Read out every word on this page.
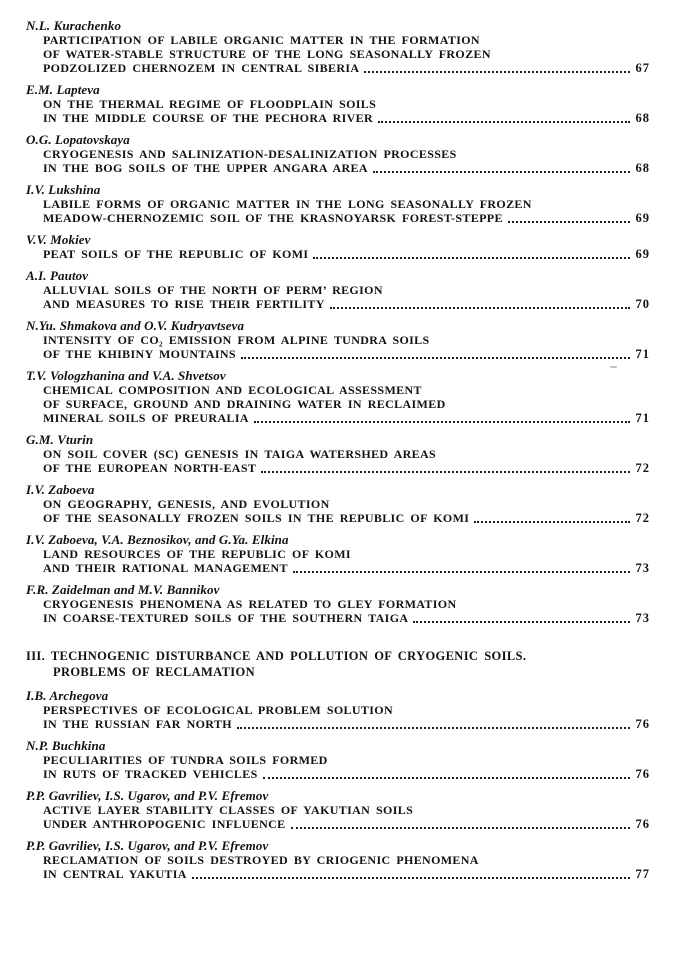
N.L. Kurachenko
PARTICIPATION OF LABILE ORGANIC MATTER IN THE FORMATION
OF WATER-STABLE STRUCTURE OF THE LONG SEASONALLY FROZEN
PODZOLIZED CHERNOZEM IN CENTRAL SIBERIA	67
E.M. Lapteva
ON THE THERMAL REGIME OF FLOODPLAIN SOILS
IN THE MIDDLE COURSE OF THE PECHORA RIVER	68
O.G. Lopatovskaya
CRYOGENESIS AND SALINIZATION-DESALINIZATION PROCESSES
IN THE BOG SOILS OF THE UPPER ANGARA AREA	68
I.V. Lukshina
LABILE FORMS OF ORGANIC MATTER IN THE LONG SEASONALLY FROZEN
MEADOW-CHERNOZEMIC SOIL OF THE KRASNOYARSK FOREST-STEPPE	69
V.V. Mokiev
PEAT SOILS OF THE REPUBLIC OF KOMI	69
A.I. Pautov
ALLUVIAL SOILS OF THE NORTH OF PERM’ REGION
AND MEASURES TO RISE THEIR FERTILITY	70
N.Yu. Shmakova and O.V. Kudryavtseva
INTENSITY OF CO₂ EMISSION FROM ALPINE TUNDRA SOILS
OF THE KHIBINY MOUNTAINS	71
T.V. Vologzhanina and V.A. Shvetsov
CHEMICAL COMPOSITION AND ECOLOGICAL ASSESSMENT
OF SURFACE, GROUND AND DRAINING WATER IN RECLAIMED
MINERAL SOILS OF PREURALIA	71
G.M. Vturin
ON SOIL COVER (SC) GENESIS IN TAIGA WATERSHED AREAS
OF THE EUROPEAN NORTH-EAST	72
I.V. Zaboeva
ON GEOGRAPHY, GENESIS, AND EVOLUTION
OF THE SEASONALLY FROZEN SOILS IN THE REPUBLIC OF KOMI	72
I.V. Zaboeva, V.A. Beznosikov, and G.Ya. Elkina
LAND RESOURCES OF THE REPUBLIC OF KOMI
AND THEIR RATIONAL MANAGEMENT	73
F.R. Zaidelman and M.V. Bannikov
CRYOGENESIS PHENOMENA AS RELATED TO GLEY FORMATION
IN COARSE-TEXTURED SOILS OF THE SOUTHERN TAIGA	73
III. TECHNOGENIC DISTURBANCE AND POLLUTION OF CRYOGENIC SOILS.
PROBLEMS OF RECLAMATION
I.B. Archegova
PERSPECTIVES OF ECOLOGICAL PROBLEM SOLUTION
IN THE RUSSIAN FAR NORTH	76
N.P. Buchkina
PECULIARITIES OF TUNDRA SOILS FORMED
IN RUTS OF TRACKED VEHICLES	76
P.P. Gavriliev, I.S. Ugarov, and P.V. Efremov
ACTIVE LAYER STABILITY CLASSES OF YAKUTIAN SOILS
UNDER ANTHROPOGENIC INFLUENCE	76
P.P. Gavriliev, I.S. Ugarov, and P.V. Efremov
RECLAMATION OF SOILS DESTROYED BY CRIOGENIC PHENOMENA
IN CENTRAL YAKUTIA	77
